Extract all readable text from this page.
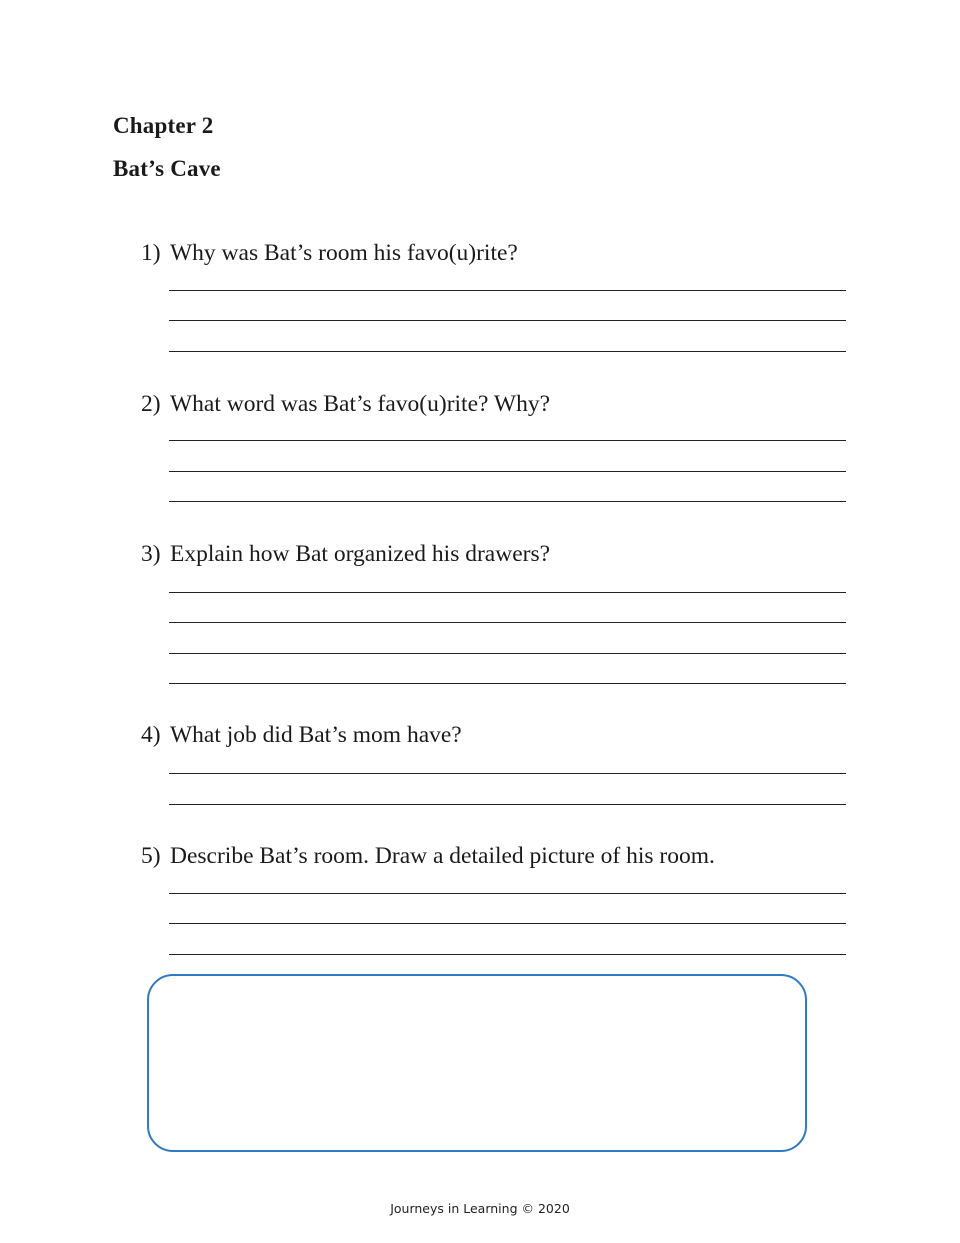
Chapter 2
Bat’s Cave
1) Why was Bat’s room his favo(u)rite?
2) What word was Bat’s favo(u)rite? Why?
3) Explain how Bat organized his drawers?
4) What job did Bat’s mom have?
5) Describe Bat’s room. Draw a detailed picture of his room.
Journeys in Learning © 2020
